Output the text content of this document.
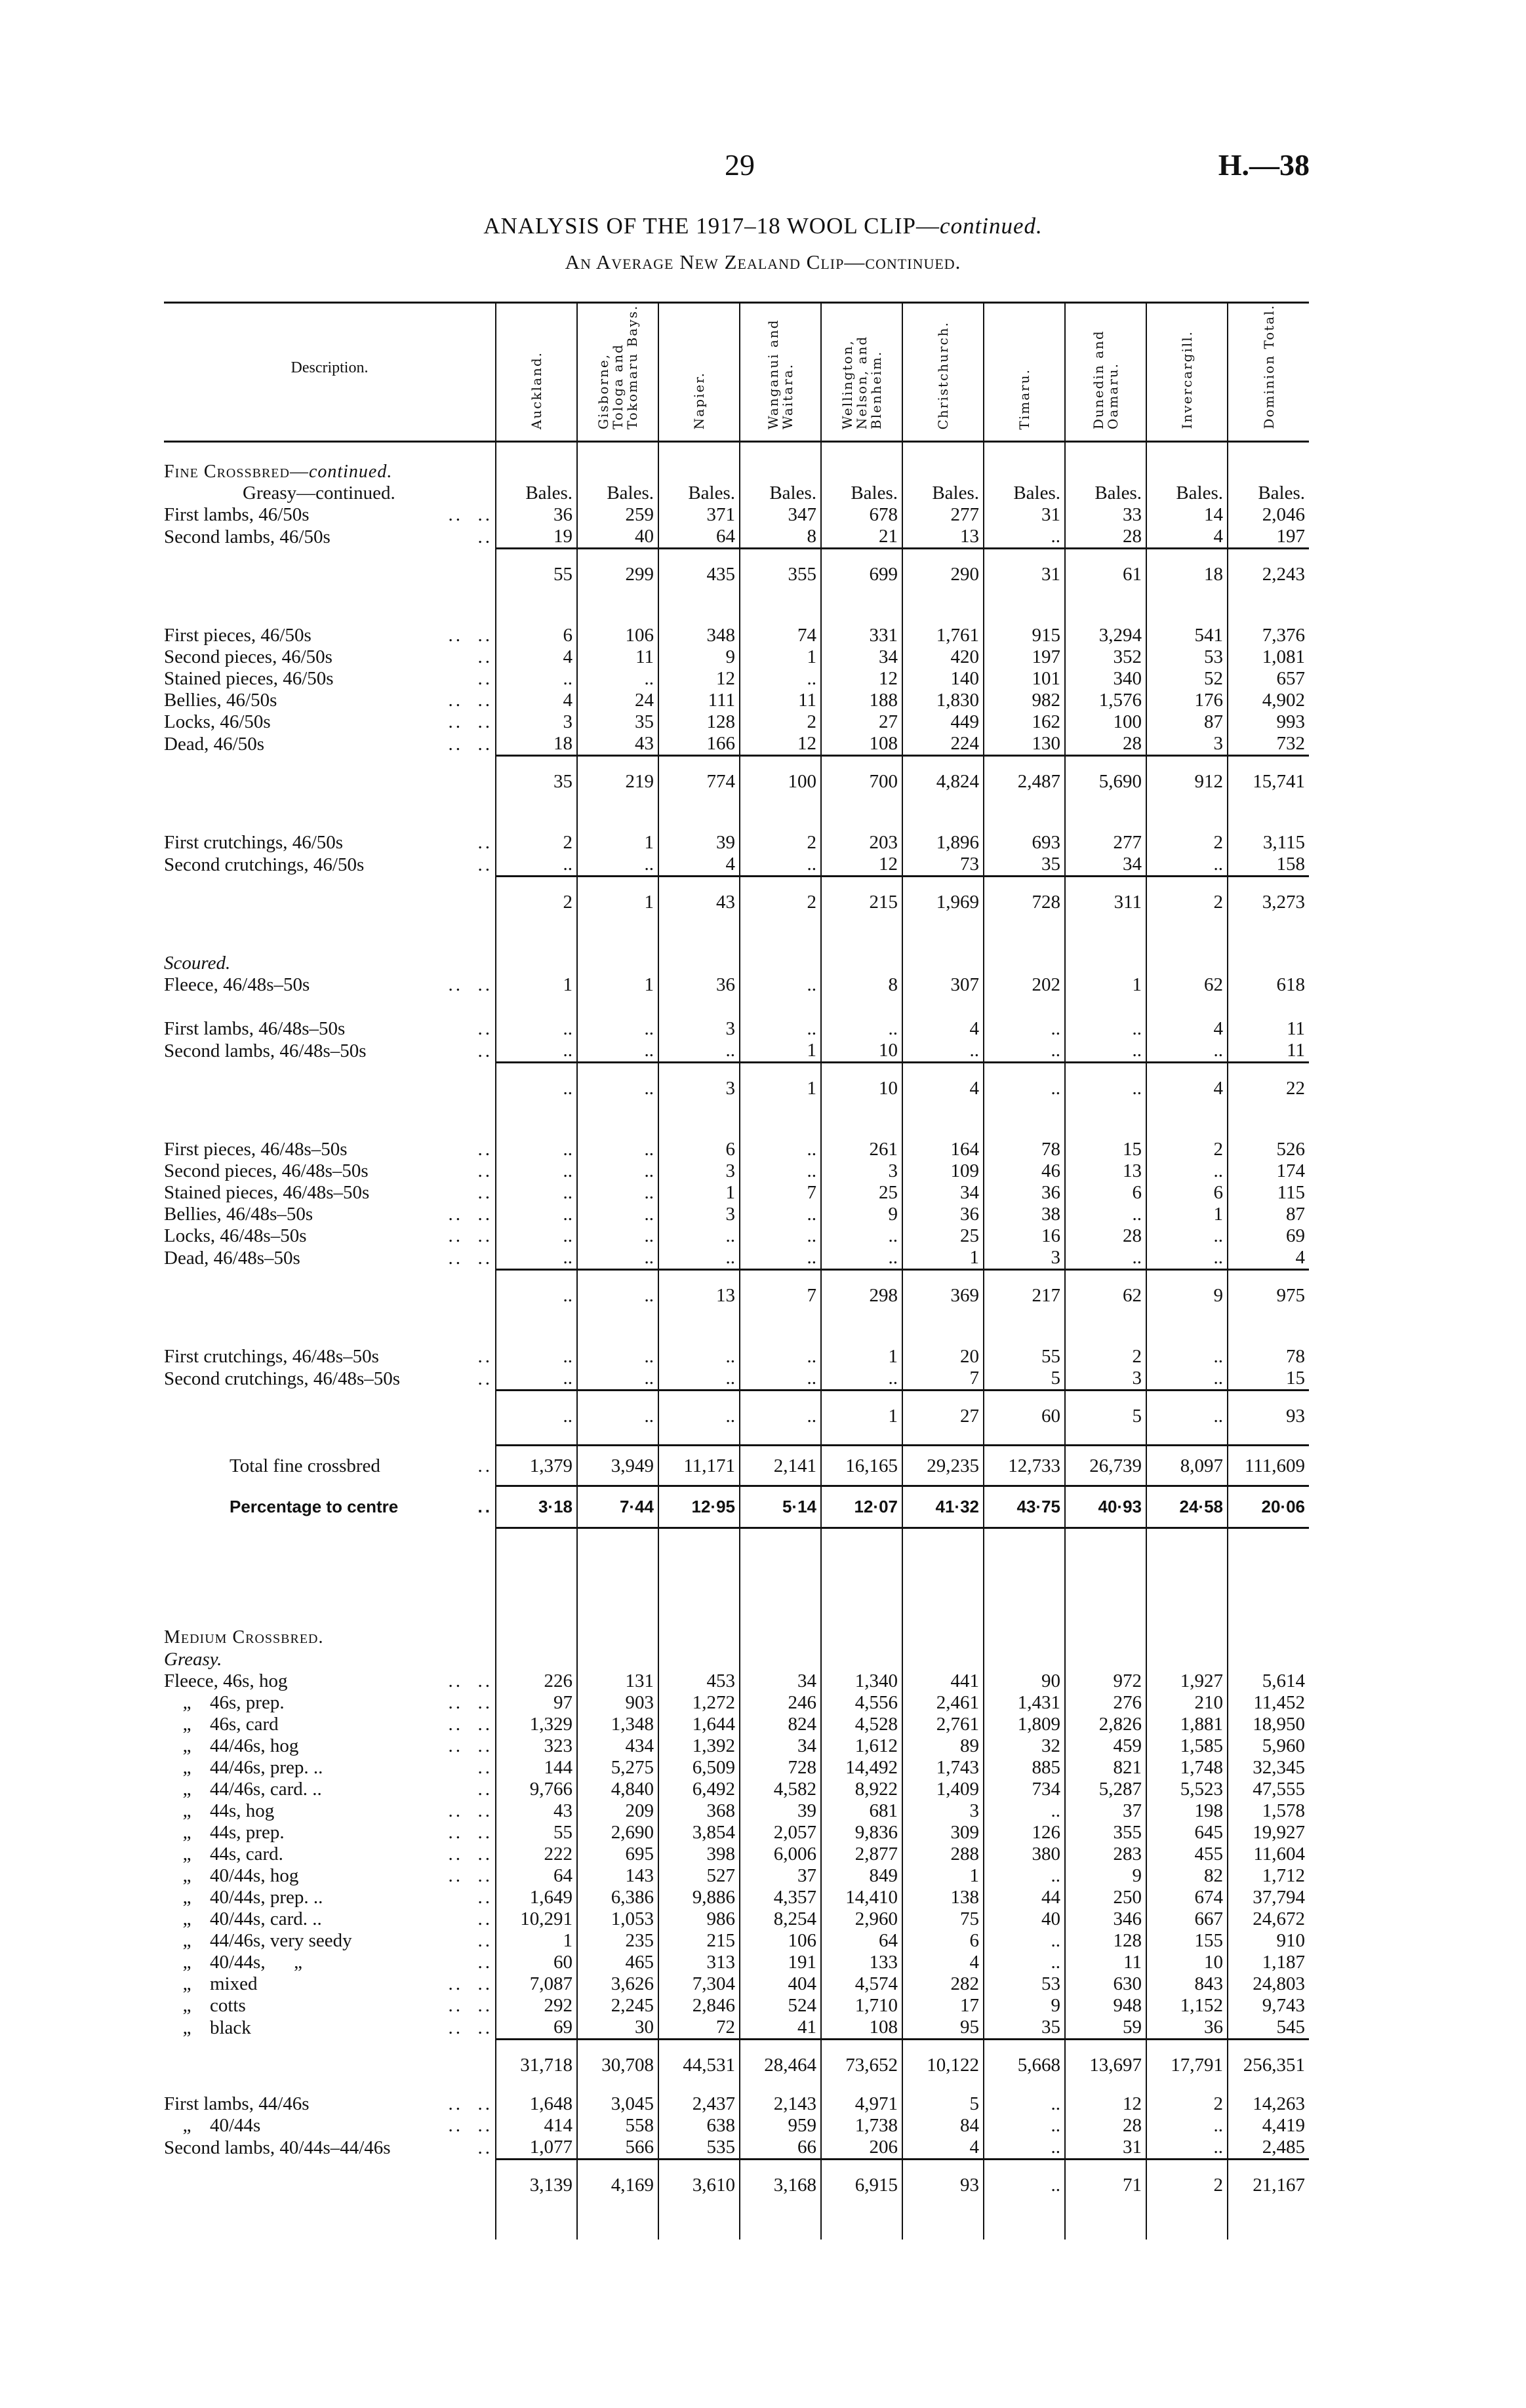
29	H.—38
ANALYSIS OF THE 1917–18 WOOL CLIP—continued.
An Average New Zealand Clip—continued.
Description.	Auckland.	Gisborne, Tologa and Tokomaru Bays.	Napier.	Wanganui and Waitara.	Wellington, Nelson, and Blenheim.	Christchurch.	Timaru.	Dunedin and Oamaru.	Invercargill.	Dominion Total.

Fine Crossbred—continued.										

Greasy—continued.	Bales.	Bales.	Bales.	Bales.	Bales.	Bales.	Bales.	Bales.	Bales.	Bales.

First lambs, 46/50s ..  ..	36	259	371	347	678	277	31	33	14	2,046

Second lambs, 46/50s ..	19	40	64	8	21	13	..	28	4	197
	55	299	435	355	699	290	31	61	18	2,243

First pieces, 46/50s ..  ..	6	106	348	74	331	1,761	915	3,294	541	7,376

Second pieces, 46/50s ..	4	11	9	1	34	420	197	352	53	1,081

Stained pieces, 46/50s ..	..	..	12	..	12	140	101	340	52	657

Bellies, 46/50s ..  ..	4	24	111	11	188	1,830	982	1,576	176	4,902

Locks, 46/50s ..  ..	3	35	128	2	27	449	162	100	87	993

Dead, 46/50s ..  ..	18	43	166	12	108	224	130	28	3	732
	35	219	774	100	700	4,824	2,487	5,690	912	15,741

First crutchings, 46/50s ..	2	1	39	2	203	1,896	693	277	2	3,115

Second crutchings, 46/50s ..	..	..	4	..	12	73	35	34	..	158
	2	1	43	2	215	1,969	728	311	2	3,273

Scoured.										

Fleece, 46/48s–50s ..  ..	1	1	36	..	8	307	202	1	62	618

First lambs, 46/48s–50s ..	..	..	3	..	..	4	..	..	4	11

Second lambs, 46/48s–50s ..	..	..	..	1	10	..	..	..	..	11
	..	..	3	1	10	4	..	..	4	22

First pieces, 46/48s–50s ..	..	..	6	..	261	164	78	15	2	526

Second pieces, 46/48s–50s ..	..	..	3	..	3	109	46	13	..	174

Stained pieces, 46/48s–50s ..	..	..	1	7	25	34	36	6	6	115

Bellies, 46/48s–50s ..  ..	..	..	3	..	9	36	38	..	1	87

Locks, 46/48s–50s ..  ..	..	..	..	..	..	25	16	28	..	69

Dead, 46/48s–50s ..  ..	..	..	..	..	..	1	3	..	..	4
	..	..	13	7	298	369	217	62	9	975

First crutchings, 46/48s–50s ..	..	..	..	..	1	20	55	2	..	78

Second crutchings, 46/48s–50s ..	..	..	..	..	..	7	5	3	..	15
	..	..	..	..	1	27	60	5	..	93

Total fine crossbred ..	1,379	3,949	11,171	2,141	16,165	29,235	12,733	26,739	8,097	111,609

Percentage to centre ..	3·18	7·44	12·95	5·14	12·07	41·32	43·75	40·93	24·58	20·06

Medium Crossbred.										

Greasy.										

Fleece, 46s, hog ..  ..	226	131	453	34	1,340	441	90	972	1,927	5,614

„ 46s, prep. ..  ..	97	903	1,272	246	4,556	2,461	1,431	276	210	11,452

„ 46s, card ..  ..	1,329	1,348	1,644	824	4,528	2,761	1,809	2,826	1,881	18,950

„ 44/46s, hog ..  ..	323	434	1,392	34	1,612	89	32	459	1,585	5,960

„ 44/46s, prep. .. ..	144	5,275	6,509	728	14,492	1,743	885	821	1,748	32,345

„ 44/46s, card. .. ..	9,766	4,840	6,492	4,582	8,922	1,409	734	5,287	5,523	47,555

„ 44s, hog ..  ..	43	209	368	39	681	3	..	37	198	1,578

„ 44s, prep. ..  ..	55	2,690	3,854	2,057	9,836	309	126	355	645	19,927

„ 44s, card. ..  ..	222	695	398	6,006	2,877	288	380	283	455	11,604

„ 40/44s, hog ..  ..	64	143	527	37	849	1	..	9	82	1,712

„ 40/44s, prep. .. ..	1,649	6,386	9,886	4,357	14,410	138	44	250	674	37,794

„ 40/44s, card. .. ..	10,291	1,053	986	8,254	2,960	75	40	346	667	24,672

„ 44/46s, very seedy ..	1	235	215	106	64	6	..	128	155	910

„ 40/44s,      „ ..	60	465	313	191	133	4	..	11	10	1,187

„ mixed ..  ..	7,087	3,626	7,304	404	4,574	282	53	630	843	24,803

„ cotts ..  ..	292	2,245	2,846	524	1,710	17	9	948	1,152	9,743

„ black ..  ..	69	30	72	41	108	95	35	59	36	545
	31,718	30,708	44,531	28,464	73,652	10,122	5,668	13,697	17,791	256,351

First lambs, 44/46s ..  ..	1,648	3,045	2,437	2,143	4,971	5	..	12	2	14,263

„ 40/44s ..  ..	414	558	638	959	1,738	84	..	28	..	4,419

Second lambs, 40/44s–44/46s ..	1,077	566	535	66	206	4	..	31	..	2,485
	3,139	4,169	3,610	3,168	6,915	93	..	71	2	21,167
